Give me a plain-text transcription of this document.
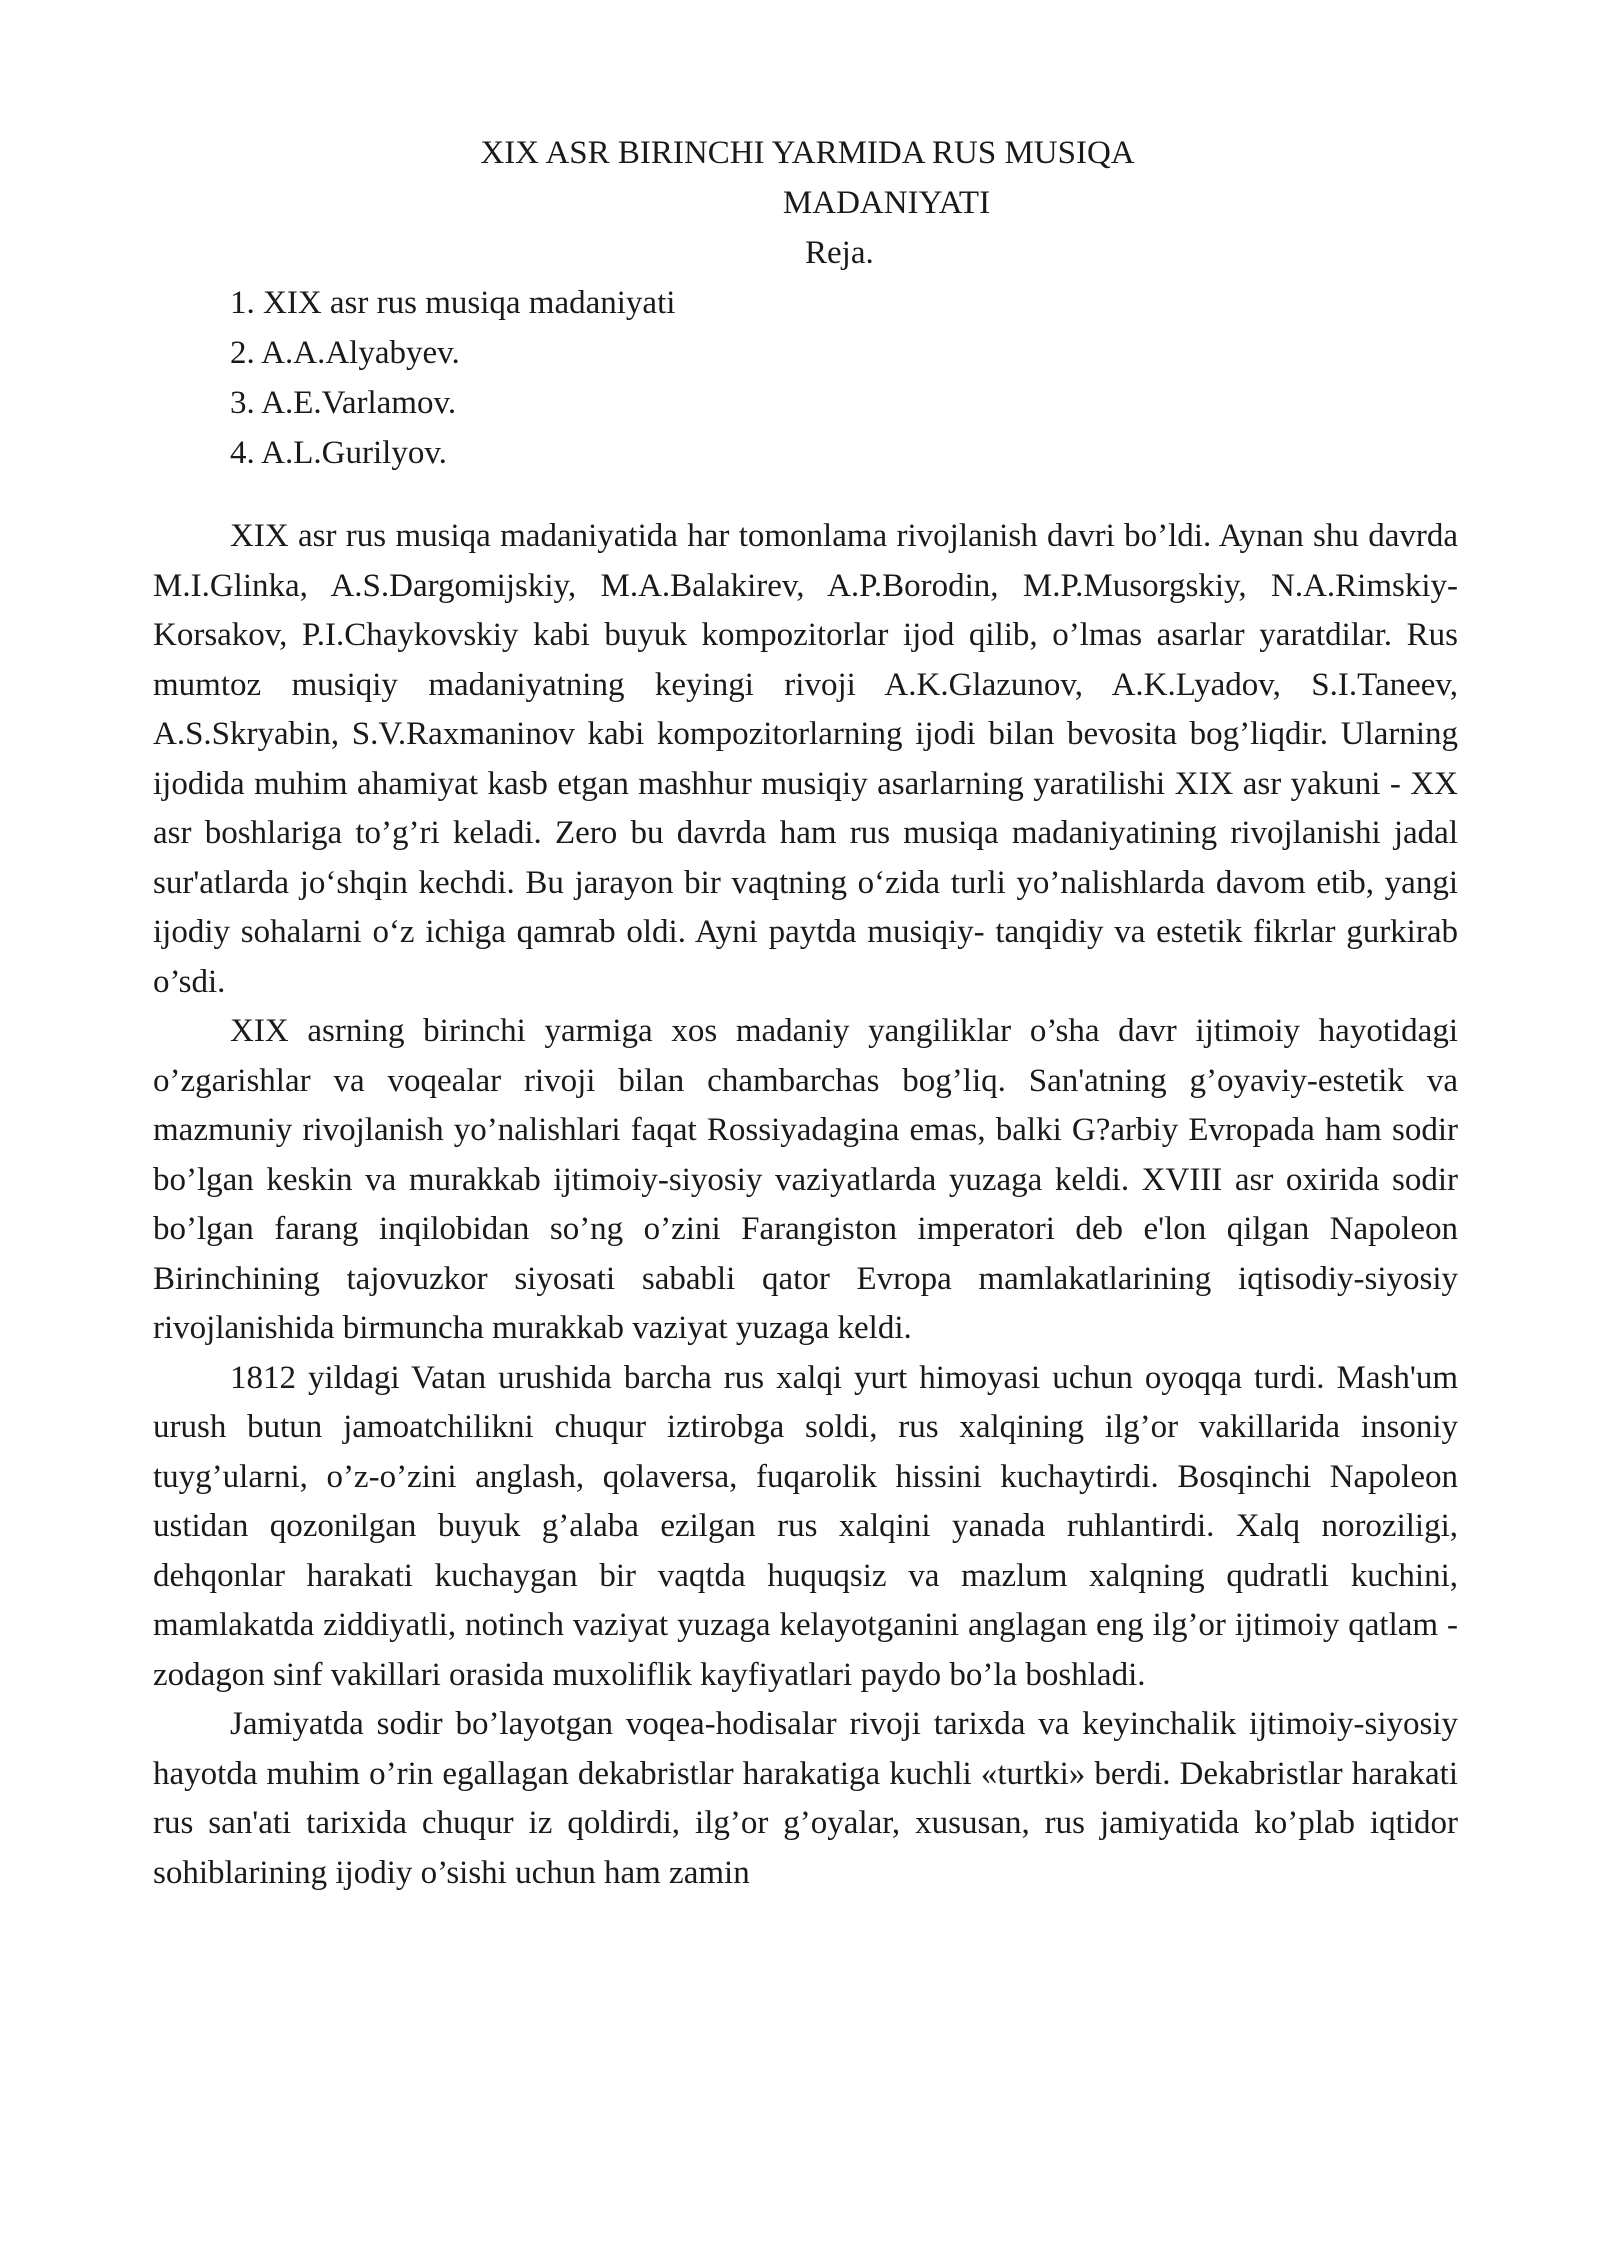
XIX ASR BIRINCHI YARMIDA RUS MUSIQA
MADANIYATI
Reja.
1. XIX asr rus musiqa madaniyati
2. A.A.Alyabyev.
3. A.E.Varlamov.
4. A.L.Gurilyov.

XIX asr rus musiqa madaniyatida har tomonlama rivojlanish davri bo’ldi. Aynan shu davrda M.I.Glinka, A.S.Dargomijskiy, M.A.Balakirev, A.P.Borodin, M.P.Musorgskiy, N.A.Rimskiy-Korsakov, P.I.Chaykovskiy kabi buyuk kompozitorlar ijod qilib, o’lmas asarlar yaratdilar. Rus mumtoz musiqiy madaniyatning keyingi rivoji A.K.Glazunov, A.K.Lyadov, S.I.Taneev, A.S.Skryabin, S.V.Raxmaninov kabi kompozitorlarning ijodi bilan bevosita bog’liqdir. Ularning ijodida muhim ahamiyat kasb etgan mashhur musiqiy asarlarning yaratilishi XIX asr yakuni - XX asr boshlariga to’g’ri keladi. Zero bu davrda ham rus musiqa madaniyatining rivojlanishi jadal sur'atlarda jo‘shqin kechdi. Bu jarayon bir vaqtning o‘zida turli yo’nalishlarda davom etib, yangi ijodiy sohalarni o‘z ichiga qamrab oldi. Ayni paytda musiqiy- tanqidiy va estetik fikrlar gurkirab o’sdi.

XIX asrning birinchi yarmiga xos madaniy yangiliklar o’sha davr ijtimoiy hayotidagi o’zgarishlar va voqealar rivoji bilan chambarchas bog’liq. San'atning g’oyaviy-estetik va mazmuniy rivojlanish yo’nalishlari faqat Rossiyadagina emas, balki G?arbiy Evropada ham sodir bo’lgan keskin va murakkab ijtimoiy-siyosiy vaziyatlarda yuzaga keldi. XVIII asr oxirida sodir bo’lgan farang inqilobidan so’ng o’zini Farangiston imperatori deb e'lon qilgan Napoleon Birinchining tajovuzkor siyosati sababli qator Evropa mamlakatlarining iqtisodiy-siyosiy rivojlanishida birmuncha murakkab vaziyat yuzaga keldi.

1812 yildagi Vatan urushida barcha rus xalqi yurt himoyasi uchun oyoqqa turdi. Mash'um urush butun jamoatchilikni chuqur iztirobga soldi, rus xalqining ilg’or vakillarida insoniy tuyg’ularni, o’z-o’zini anglash, qolaversa, fuqarolik hissini kuchaytirdi. Bosqinchi Napoleon ustidan qozonilgan buyuk g’alaba ezilgan rus xalqini yanada ruhlantirdi. Xalq noroziligi, dehqonlar harakati kuchaygan bir vaqtda huquqsiz va mazlum xalqning qudratli kuchini, mamlakatda ziddiyatli, notinch vaziyat yuzaga kelayotganini anglagan eng ilg’or ijtimoiy qatlam - zodagon sinf vakillari orasida muxoliflik kayfiyatlari paydo bo’la boshladi.

Jamiyatda sodir bo’layotgan voqea-hodisalar rivoji tarixda va keyinchalik ijtimoiy-siyosiy hayotda muhim o’rin egallagan dekabristlar harakatiga kuchli «turtki» berdi. Dekabristlar harakati rus san'ati tarixida chuqur iz qoldirdi, ilg’or g’oyalar, xususan, rus jamiyatida ko’plab iqtidor sohiblarining ijodiy o’sishi uchun ham zamin
